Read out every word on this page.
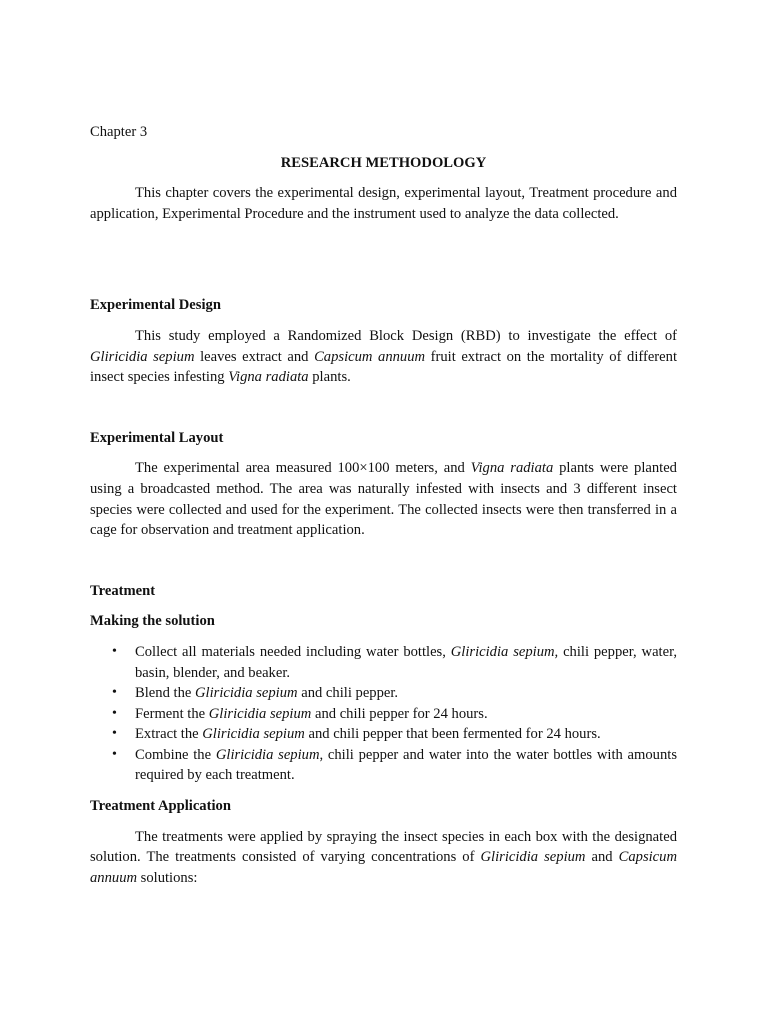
Chapter 3

RESEARCH METHODOLOGY

This chapter covers the experimental design, experimental layout, Treatment procedure and application, Experimental Procedure and the instrument used to analyze the data collected.

Experimental Design

This study employed a Randomized Block Design (RBD) to investigate the effect of Gliricidia sepium leaves extract and Capsicum annuum fruit extract on the mortality of different insect species infesting Vigna radiata plants.

Experimental Layout

The experimental area measured 100×100 meters, and Vigna radiata plants were planted using a broadcasted method. The area was naturally infested with insects and 3 different insect species were collected and used for the experiment. The collected insects were then transferred in a cage for observation and treatment application.

Treatment

Making the solution

• Collect all materials needed including water bottles, Gliricidia sepium, chili pepper, water, basin, blender, and beaker.
• Blend the Gliricidia sepium and chili pepper.
• Ferment the Gliricidia sepium and chili pepper for 24 hours.
• Extract the Gliricidia sepium and chili pepper that been fermented for 24 hours.
• Combine the Gliricidia sepium, chili pepper and water into the water bottles with amounts required by each treatment.

Treatment Application

The treatments were applied by spraying the insect species in each box with the designated solution. The treatments consisted of varying concentrations of Gliricidia sepium and Capsicum annuum solutions:
